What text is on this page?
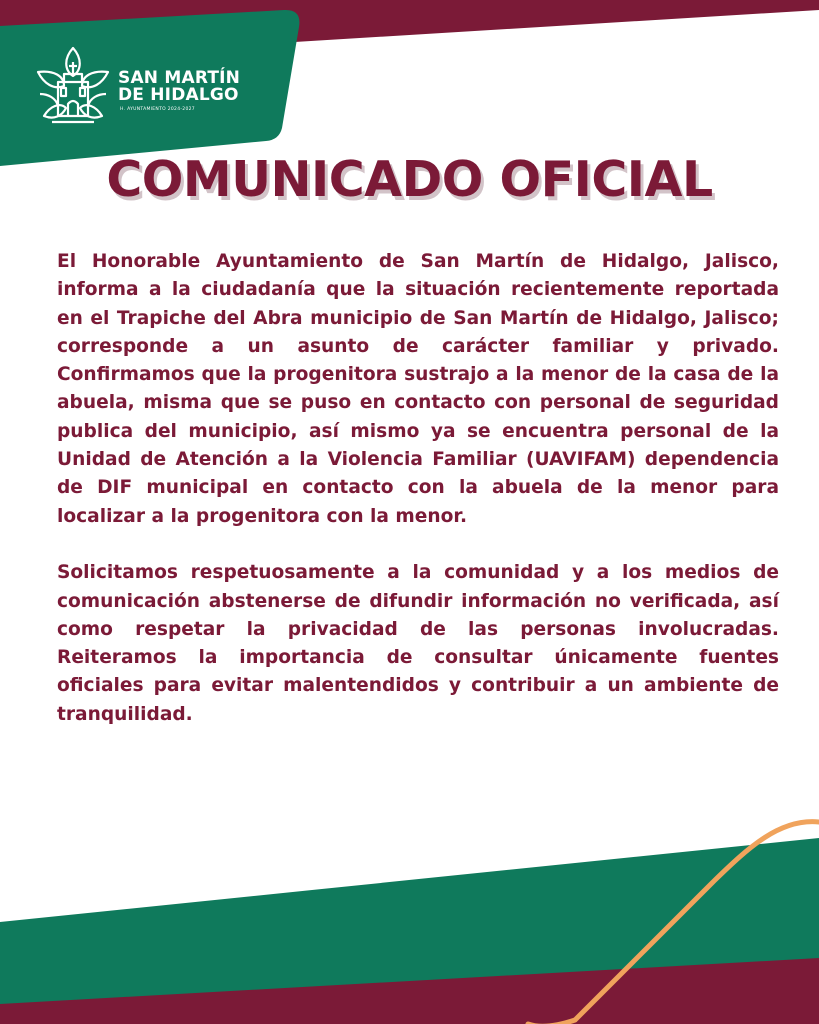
SAN MARTÍN
DE HIDALGO
H. AYUNTAMIENTO 2024-2027
COMUNICADO OFICIAL

El Honorable Ayuntamiento de San Martín de Hidalgo, Jalisco, informa a la ciudadanía que la situación recientemente reportada en el Trapiche del Abra municipio de San Martín de Hidalgo, Jalisco; corresponde a un asunto de carácter familiar y privado. Confirmamos que la progenitora sustrajo a la menor de la casa de la abuela, misma que se puso en contacto con personal de seguridad publica del municipio, así mismo ya se encuentra personal de la Unidad de Atención a la Violencia Familiar (UAVIFAM) dependencia de DIF municipal en contacto con la abuela de la menor para localizar a la progenitora con la menor.

Solicitamos respetuosamente a la comunidad y a los medios de comunicación abstenerse de difundir información no verificada, así como respetar la privacidad de las personas involucradas. Reiteramos la importancia de consultar únicamente fuentes oficiales para evitar malentendidos y contribuir a un ambiente de tranquilidad.
